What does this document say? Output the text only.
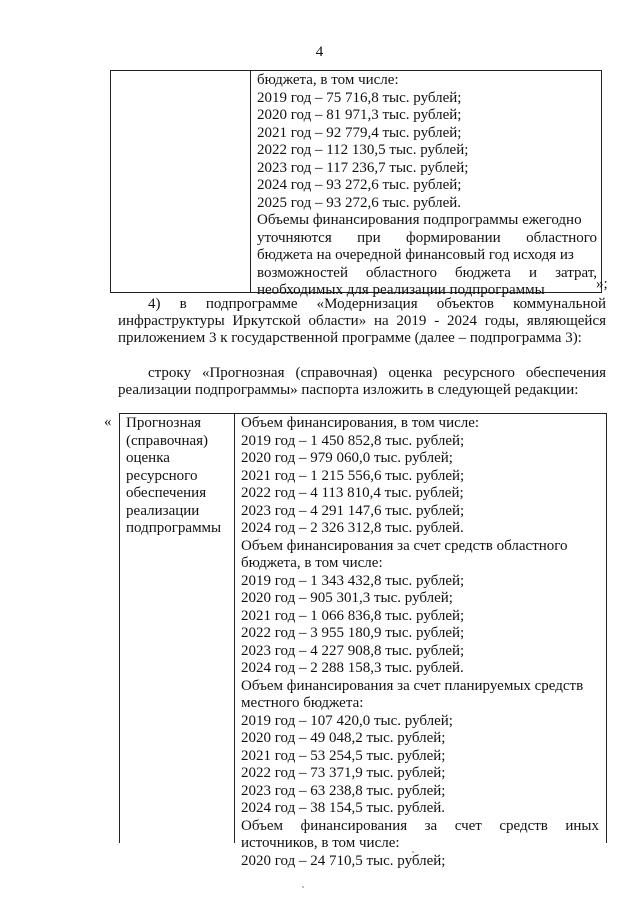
4
бюджета, в том числе:
2019 год – 75 716,8 тыс. рублей;
2020 год – 81 971,3 тыс. рублей;
2021 год – 92 779,4 тыс. рублей;
2022 год – 112 130,5 тыс. рублей;
2023 год – 117 236,7 тыс. рублей;
2024 год – 93 272,6 тыс. рублей;
2025 год – 93 272,6 тыс. рублей.
Объемы финансирования подпрограммы ежегодно
уточняются при формировании областного
бюджета на очередной финансовый год исходя из
возможностей областного бюджета и затрат,
необходимых для реализации подпрограммы	»;
4) в подпрограмме «Модернизация объектов коммунальной
инфраструктуры Иркутской области» на 2019 - 2024 годы, являющейся
приложением 3 к государственной программе (далее – подпрограмма 3):
строку «Прогнозная (справочная) оценка ресурсного обеспечения
реализации подпрограммы» паспорта изложить в следующей редакции:
« Прогнозная
(справочная)
оценка
ресурсного
обеспечения
реализации
подпрограммы
Объем финансирования, в том числе:
2019 год – 1 450 852,8 тыс. рублей;
2020 год – 979 060,0 тыс. рублей;
2021 год – 1 215 556,6 тыс. рублей;
2022 год – 4 113 810,4 тыс. рублей;
2023 год – 4 291 147,6 тыс. рублей;
2024 год – 2 326 312,8 тыс. рублей.
Объем финансирования за счет средств областного
бюджета, в том числе:
2019 год – 1 343 432,8 тыс. рублей;
2020 год – 905 301,3 тыс. рублей;
2021 год – 1 066 836,8 тыс. рублей;
2022 год – 3 955 180,9 тыс. рублей;
2023 год – 4 227 908,8 тыс. рублей;
2024 год – 2 288 158,3 тыс. рублей.
Объем финансирования за счет планируемых средств
местного бюджета:
2019 год – 107 420,0 тыс. рублей;
2020 год – 49 048,2 тыс. рублей;
2021 год – 53 254,5 тыс. рублей;
2022 год – 73 371,9 тыс. рублей;
2023 год – 63 238,8 тыс. рублей;
2024 год – 38 154,5 тыс. рублей.
Объем финансирования за счет средств иных
источников, в том числе:
2020 год – 24 710,5 тыс. рублей;
